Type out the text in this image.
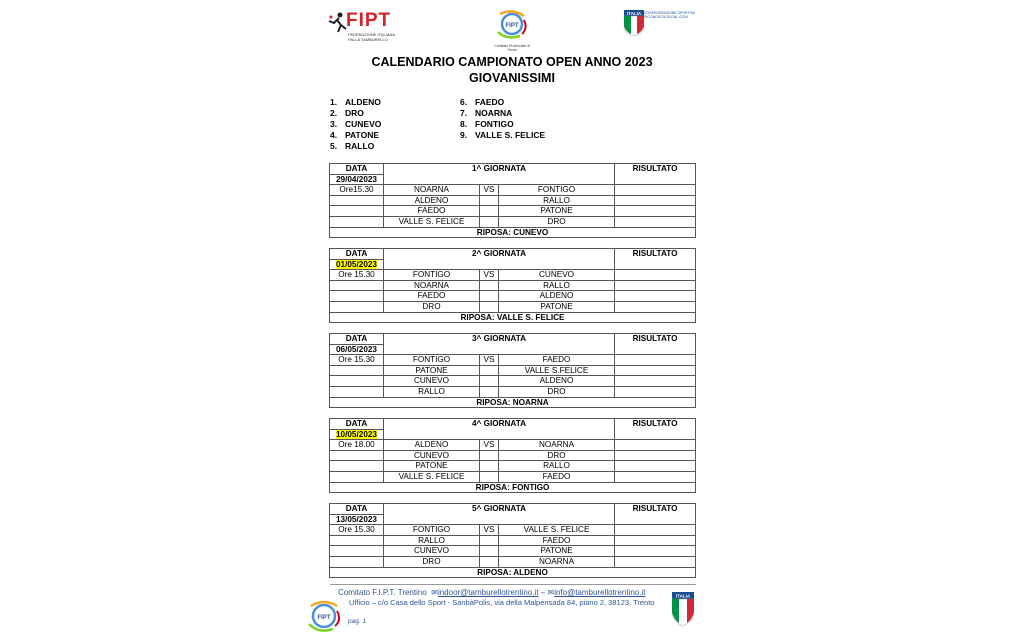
FIPT
FEDERAZIONE ITALIANA PALLA TAMBURELLO
FIPT
Comitato Provinciale di Trento
ITALIA CONFEDERAZIONE SPORTIVA RICONOSCIUTA DAL CONI
CALENDARIO CAMPIONATO OPEN ANNO 2023
GIOVANISSIMI
1. ALDENO
2. DRO
3. CUNEVO
4. PATONE
5. RALLO
6. FAEDO
7. NOARNA
8. FONTIGO
9. VALLE S. FELICE
DATA	1^ GIORNATA			RISULTATO
29/04/2023				
Ore15.30	NOARNA	VS	FONTIGO	
	ALDENO		RALLO	
	FAEDO		PATONE	
	VALLE S. FELICE		DRO	
RIPOSA: CUNEVO				
DATA	2^ GIORNATA			RISULTATO
01/05/2023				
Ore 15.30	FONTIGO	VS	CUNEVO	
	NOARNA		RALLO	
	FAEDO		ALDENO	
	DRO		PATONE	
RIPOSA: VALLE S. FELICE				
DATA	3^ GIORNATA			RISULTATO
06/05/2023				
Ore 15.30	FONTIGO	VS	FAEDO	
	PATONE		VALLE S.FELICE	
	CUNEVO		ALDENO	
	RALLO		DRO	
RIPOSA: NOARNA				
DATA	4^ GIORNATA			RISULTATO
10/05/2023				
Ore 18.00	ALDENO	VS	NOARNA	
	CUNEVO		DRO	
	PATONE		RALLO	
	VALLE S. FELICE		FAEDO	
RIPOSA: FONTIGO				
DATA	5^ GIORNATA			RISULTATO
13/05/2023				
Ore 15.30	FONTIGO	VS	VALLE S. FELICE	
	RALLO		FAEDO	
	CUNEVO		PATONE	
	DRO		NOARNA	
RIPOSA: ALDENO				
Comitato F.I.P.T. Trentino ✉indoor@tamburellotrentino.it – ✉info@tamburellotrentino.it
Ufficio – c/o Casa dello Sport - SanbàPolis, via della Malpensada 84, piano 2, 38123, Trento
pag. 1
FIPT
ITALIA
